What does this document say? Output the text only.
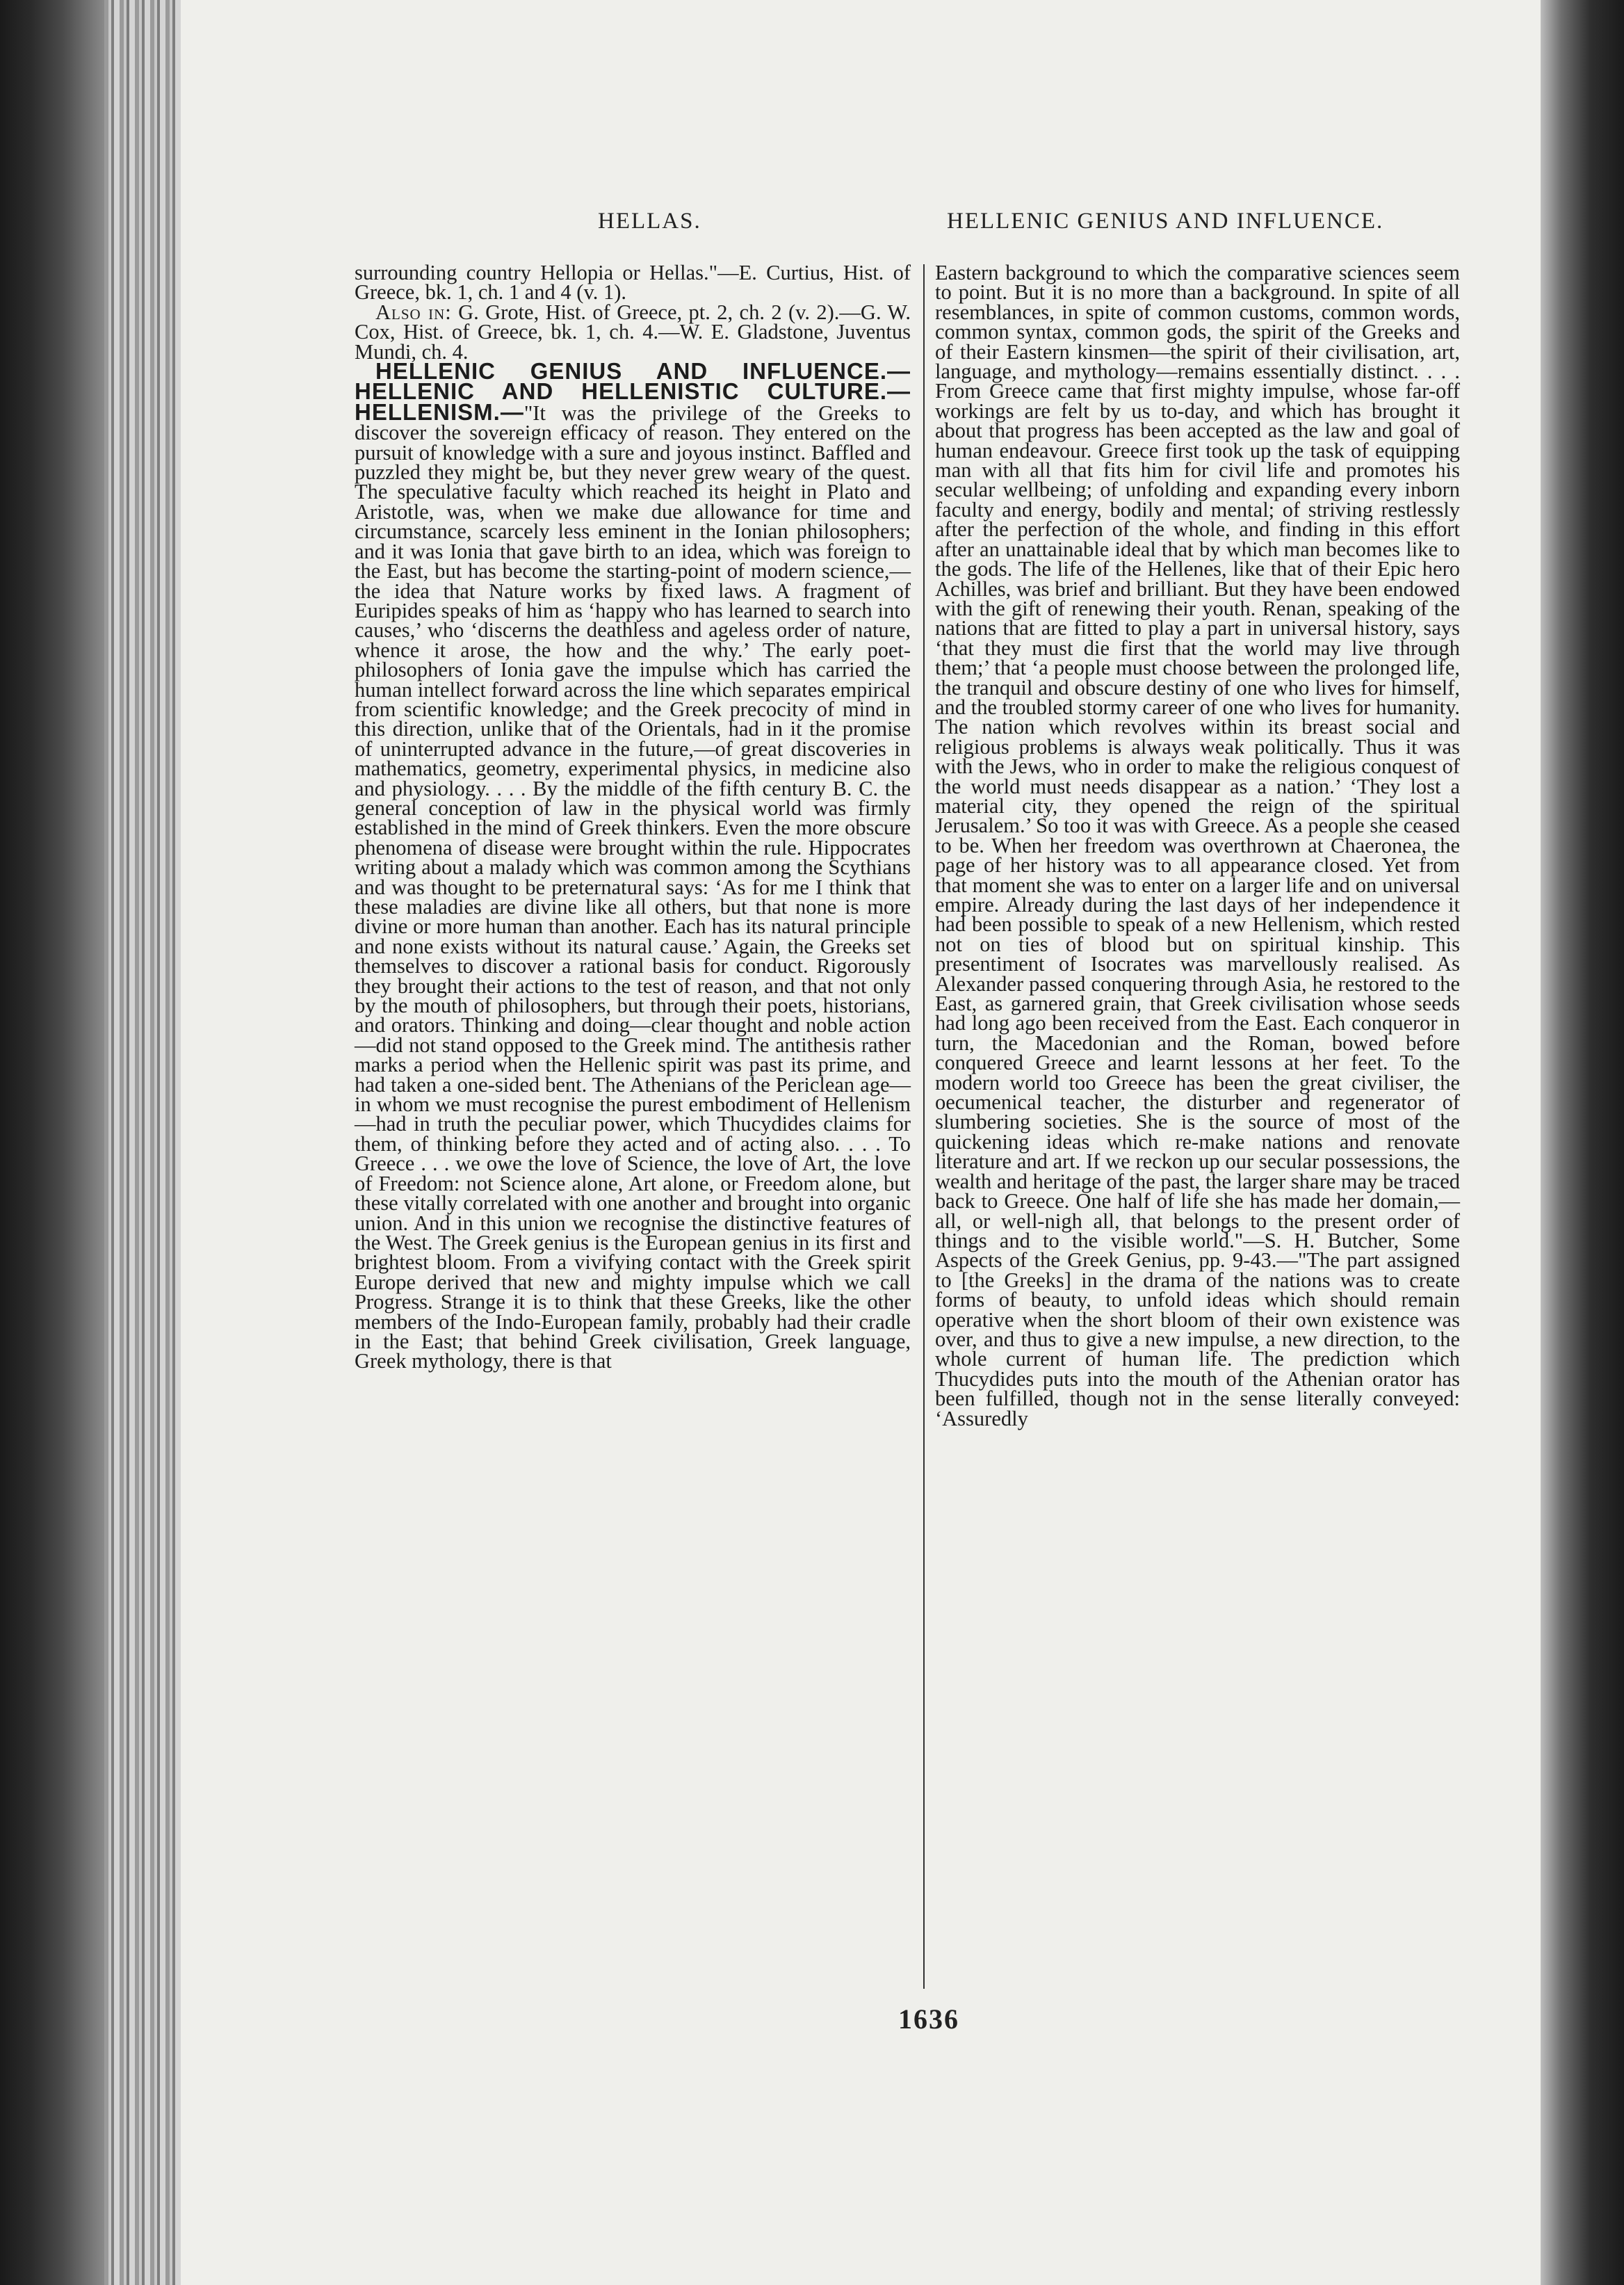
HELLAS.	HELLENIC GENIUS AND INFLUENCE.

surrounding country Hellopia or Hellas."—E. Curtius, Hist. of Greece, bk. 1, ch. 1 and 4 (v. 1).

Also in: G. Grote, Hist. of Greece, pt. 2, ch. 2 (v. 2).—G. W. Cox, Hist. of Greece, bk. 1, ch. 4.—W. E. Gladstone, Juventus Mundi, ch. 4.

HELLENIC GENIUS AND INFLUENCE.—HELLENIC AND HELLENISTIC CULTURE.—HELLENISM.—"It was the privilege of the Greeks to discover the sovereign efficacy of reason. They entered on the pursuit of knowledge with a sure and joyous instinct. Baffled and puzzled they might be, but they never grew weary of the quest. The speculative faculty which reached its height in Plato and Aristotle, was, when we make due allowance for time and circumstance, scarcely less eminent in the Ionian philosophers; and it was Ionia that gave birth to an idea, which was foreign to the East, but has become the starting-point of modern science,— the idea that Nature works by fixed laws. A fragment of Euripides speaks of him as ‘happy who has learned to search into causes,’ who ‘discerns the deathless and ageless order of nature, whence it arose, the how and the why.’ The early poet-philosophers of Ionia gave the impulse which has carried the human intellect forward across the line which separates empirical from scientific knowledge; and the Greek precocity of mind in this direction, unlike that of the Orientals, had in it the promise of uninterrupted advance in the future,—of great discoveries in mathematics, geometry, experimental physics, in medicine also and physiology. . . . By the middle of the fifth century B. C. the general conception of law in the physical world was firmly established in the mind of Greek thinkers. Even the more obscure phenomena of disease were brought within the rule. Hippocrates writing about a malady which was common among the Scythians and was thought to be preternatural says: ‘As for me I think that these maladies are divine like all others, but that none is more divine or more human than another. Each has its natural principle and none exists without its natural cause.’ Again, the Greeks set themselves to discover a rational basis for conduct. Rigorously they brought their actions to the test of reason, and that not only by the mouth of philosophers, but through their poets, historians, and orators. Thinking and doing—clear thought and noble action—did not stand opposed to the Greek mind. The antithesis rather marks a period when the Hellenic spirit was past its prime, and had taken a one-sided bent. The Athenians of the Periclean age—in whom we must recognise the purest embodiment of Hellenism—had in truth the peculiar power, which Thucydides claims for them, of thinking before they acted and of acting also. . . . To Greece . . . we owe the love of Science, the love of Art, the love of Freedom: not Science alone, Art alone, or Freedom alone, but these vitally correlated with one another and brought into organic union. And in this union we recognise the distinctive features of the West. The Greek genius is the European genius in its first and brightest bloom. From a vivifying contact with the Greek spirit Europe derived that new and mighty impulse which we call Progress. Strange it is to think that these Greeks, like the other members of the Indo-European family, probably had their cradle in the East; that behind Greek civilisation, Greek language, Greek mythology, there is that

Eastern background to which the comparative sciences seem to point. But it is no more than a background. In spite of all resemblances, in spite of common customs, common words, common syntax, common gods, the spirit of the Greeks and of their Eastern kinsmen—the spirit of their civilisation, art, language, and mythology—remains essentially distinct. . . . From Greece came that first mighty impulse, whose far-off workings are felt by us to-day, and which has brought it about that progress has been accepted as the law and goal of human endeavour. Greece first took up the task of equipping man with all that fits him for civil life and promotes his secular wellbeing; of unfolding and expanding every inborn faculty and energy, bodily and mental; of striving restlessly after the perfection of the whole, and finding in this effort after an unattainable ideal that by which man becomes like to the gods. The life of the Hellenes, like that of their Epic hero Achilles, was brief and brilliant. But they have been endowed with the gift of renewing their youth. Renan, speaking of the nations that are fitted to play a part in universal history, says ‘that they must die first that the world may live through them;’ that ‘a people must choose between the prolonged life, the tranquil and obscure destiny of one who lives for himself, and the troubled stormy career of one who lives for humanity. The nation which revolves within its breast social and religious problems is always weak politically. Thus it was with the Jews, who in order to make the religious conquest of the world must needs disappear as a nation.’ ‘They lost a material city, they opened the reign of the spiritual Jerusalem.’ So too it was with Greece. As a people she ceased to be. When her freedom was overthrown at Chaeronea, the page of her history was to all appearance closed. Yet from that moment she was to enter on a larger life and on universal empire. Already during the last days of her independence it had been possible to speak of a new Hellenism, which rested not on ties of blood but on spiritual kinship. This presentiment of Isocrates was marvellously realised. As Alexander passed conquering through Asia, he restored to the East, as garnered grain, that Greek civilisation whose seeds had long ago been received from the East. Each conqueror in turn, the Macedonian and the Roman, bowed before conquered Greece and learnt lessons at her feet. To the modern world too Greece has been the great civiliser, the oecumenical teacher, the disturber and regenerator of slumbering societies. She is the source of most of the quickening ideas which re-make nations and renovate literature and art. If we reckon up our secular possessions, the wealth and heritage of the past, the larger share may be traced back to Greece. One half of life she has made her domain,—all, or well-nigh all, that belongs to the present order of things and to the visible world."—S. H. Butcher, Some Aspects of the Greek Genius, pp. 9-43.—"The part assigned to [the Greeks] in the drama of the nations was to create forms of beauty, to unfold ideas which should remain operative when the short bloom of their own existence was over, and thus to give a new impulse, a new direction, to the whole current of human life. The prediction which Thucydides puts into the mouth of the Athenian orator has been fulfilled, though not in the sense literally conveyed: ‘Assuredly

1636
